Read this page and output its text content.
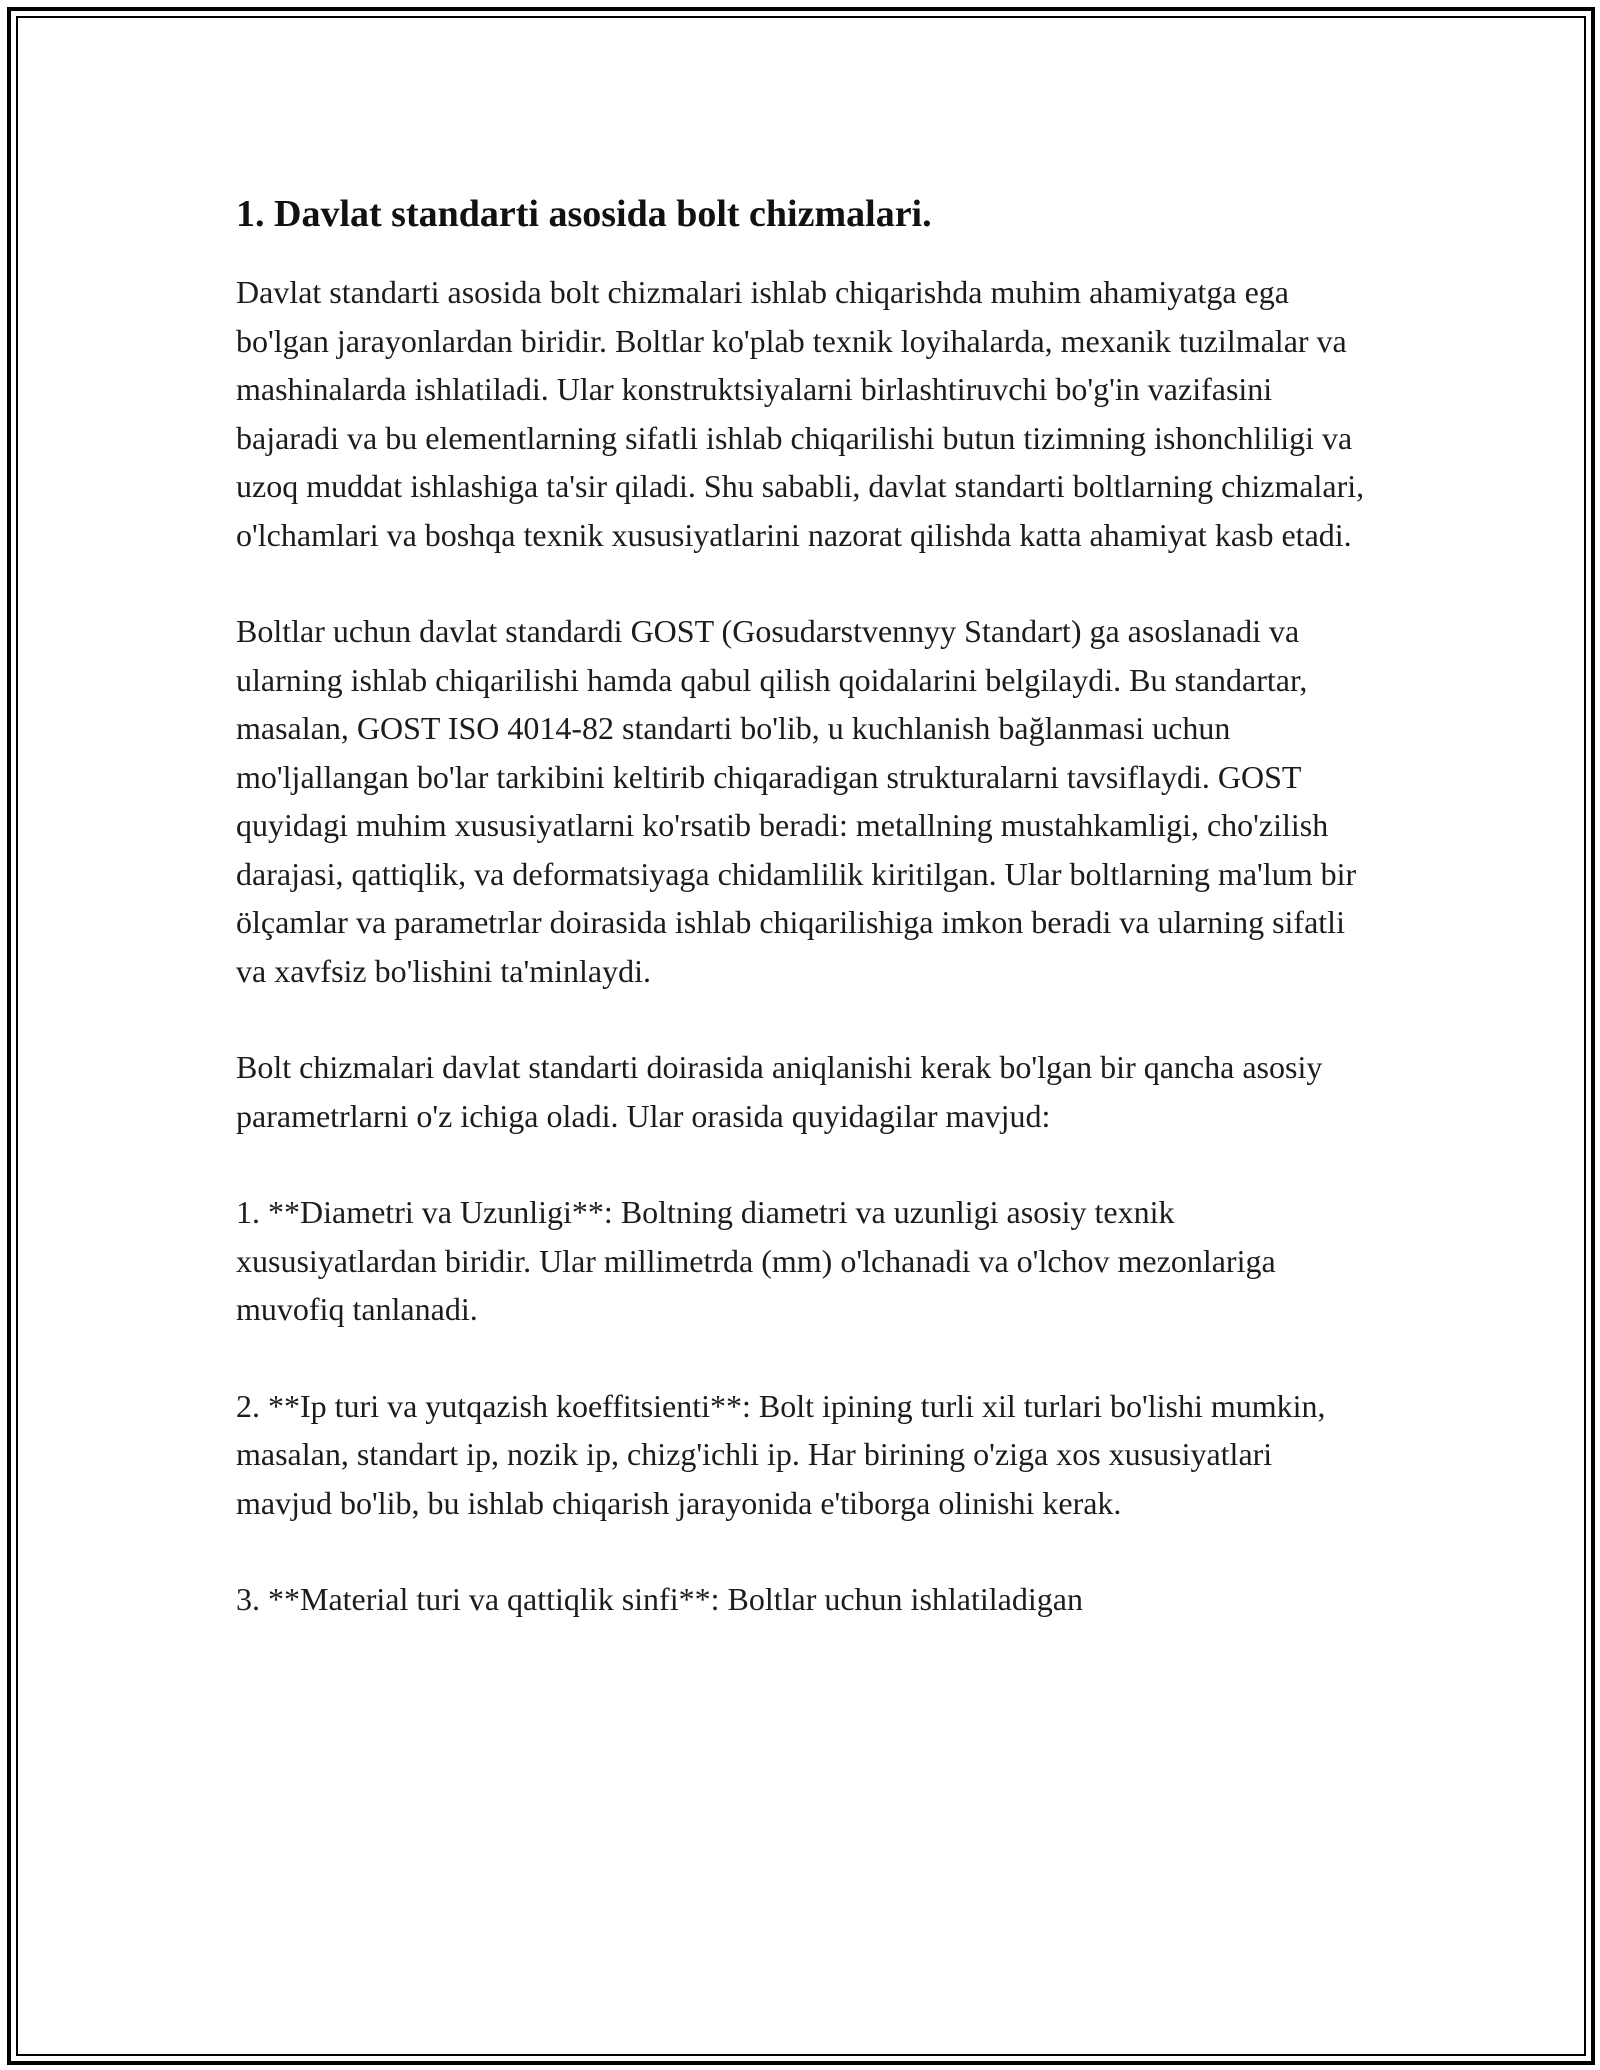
1. Davlat standarti asosida bolt chizmalari.

Davlat standarti asosida bolt chizmalari ishlab chiqarishda muhim ahamiyatga ega bo'lgan jarayonlardan biridir. Boltlar ko'plab texnik loyihalarda, mexanik tuzilmalar va mashinalarda ishlatiladi. Ular konstruktsiyalarni birlashtiruvchi bo'g'in vazifasini bajaradi va bu elementlarning sifatli ishlab chiqarilishi butun tizimning ishonchliligi va uzoq muddat ishlashiga ta'sir qiladi. Shu sababli, davlat standarti boltlarning chizmalari, o'lchamlari va boshqa texnik xususiyatlarini nazorat qilishda katta ahamiyat kasb etadi.

Boltlar uchun davlat standardi GOST (Gosudarstvennyy Standart) ga asoslanadi va ularning ishlab chiqarilishi hamda qabul qilish qoidalarini belgilaydi. Bu standartar, masalan, GOST ISO 4014-82 standarti bo'lib, u kuchlanish bağlanmasi uchun mo'ljallangan bo'lar tarkibini keltirib chiqaradigan strukturalarni tavsiflaydi. GOST quyidagi muhim xususiyatlarni ko'rsatib beradi: metallning mustahkamligi, cho'zilish darajasi, qattiqlik, va deformatsiyaga chidamlilik kiritilgan. Ular boltlarning ma'lum bir ölçamlar va parametrlar doirasida ishlab chiqarilishiga imkon beradi va ularning sifatli va xavfsiz bo'lishini ta'minlaydi.

Bolt chizmalari davlat standarti doirasida aniqlanishi kerak bo'lgan bir qancha asosiy parametrlarni o'z ichiga oladi. Ular orasida quyidagilar mavjud:

1. **Diametri va Uzunligi**: Boltning diametri va uzunligi asosiy texnik xususiyatlardan biridir. Ular millimetrda (mm) o'lchanadi va o'lchov mezonlariga muvofiq tanlanadi.

2. **Ip turi va yutqazish koeffitsienti**: Bolt ipining turli xil turlari bo'lishi mumkin, masalan, standart ip, nozik ip, chizg'ichli ip. Har birining o'ziga xos xususiyatlari mavjud bo'lib, bu ishlab chiqarish jarayonida e'tiborga olinishi kerak.

3. **Material turi va qattiqlik sinfi**: Boltlar uchun ishlatiladigan
